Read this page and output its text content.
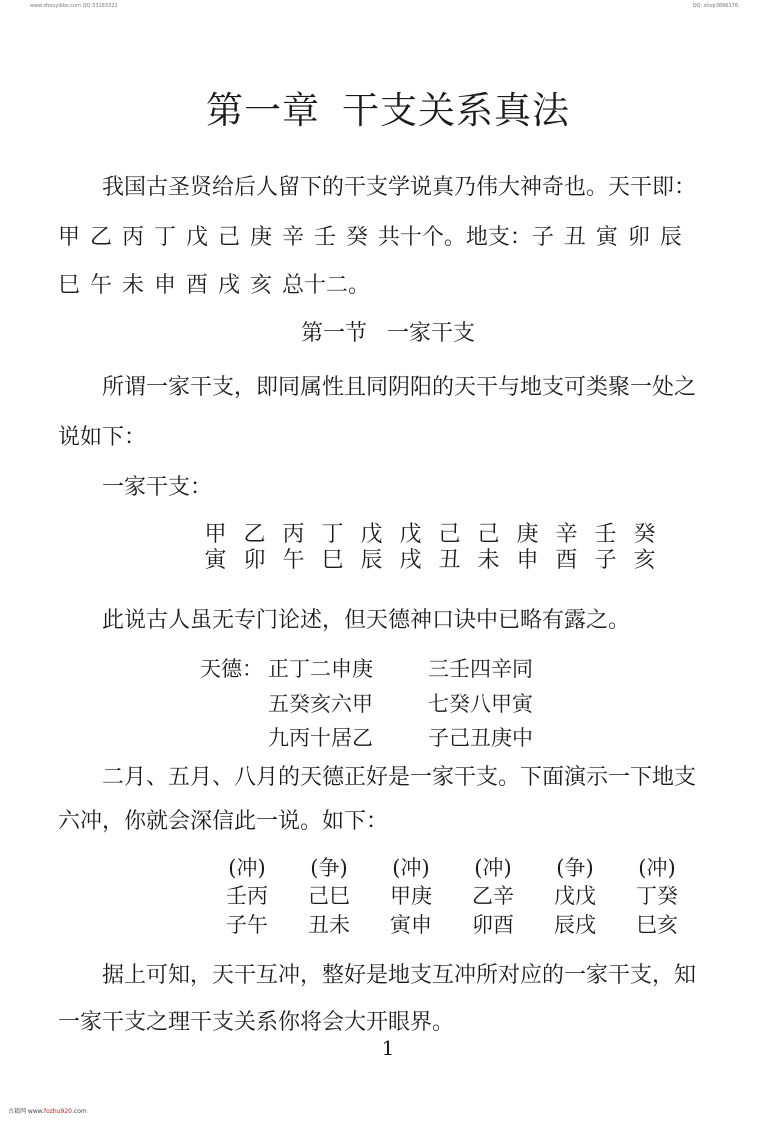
www.zhouyibbs.com QQ:33183322	QQ: shop3666176
第一章 干支关系真法
我国古圣贤给后人留下的干支学说真乃伟大神奇也。天干即：
甲 乙 丙 丁 戊 己 庚 辛 壬 癸 共十个。地支：子 丑 寅 卯 辰
巳 午 未 申 酉 戌 亥 总十二。
第一节 一家干支
所谓一家干支，即同属性且同阴阳的天干与地支可类聚一处之
说如下：
一家干支：
甲 乙 丙 丁 戊 戊 己 己 庚 辛 壬 癸
寅 卯 午 巳 辰 戌 丑 未 申 酉 子 亥
此说古人虽无专门论述，但天德神口诀中已略有露之。
天德： 正丁二申庚	三壬四辛同
五癸亥六甲	七癸八甲寅
九丙十居乙	子己丑庚中
二月、五月、八月的天德正好是一家干支。下面演示一下地支
六冲，你就会深信此一说。如下：
(冲)	(争)	(冲)	(冲)	(争)	(冲)
壬丙	己巳	甲庚	乙辛	戊戊	丁癸
子午	丑未	寅申	卯酉	辰戌	巳亥
据上可知，天干互冲，整好是地支互冲所对应的一家干支，知
一家干支之理干支关系你将会大开眼界。
1
古籍网 www.fozhu920.com
